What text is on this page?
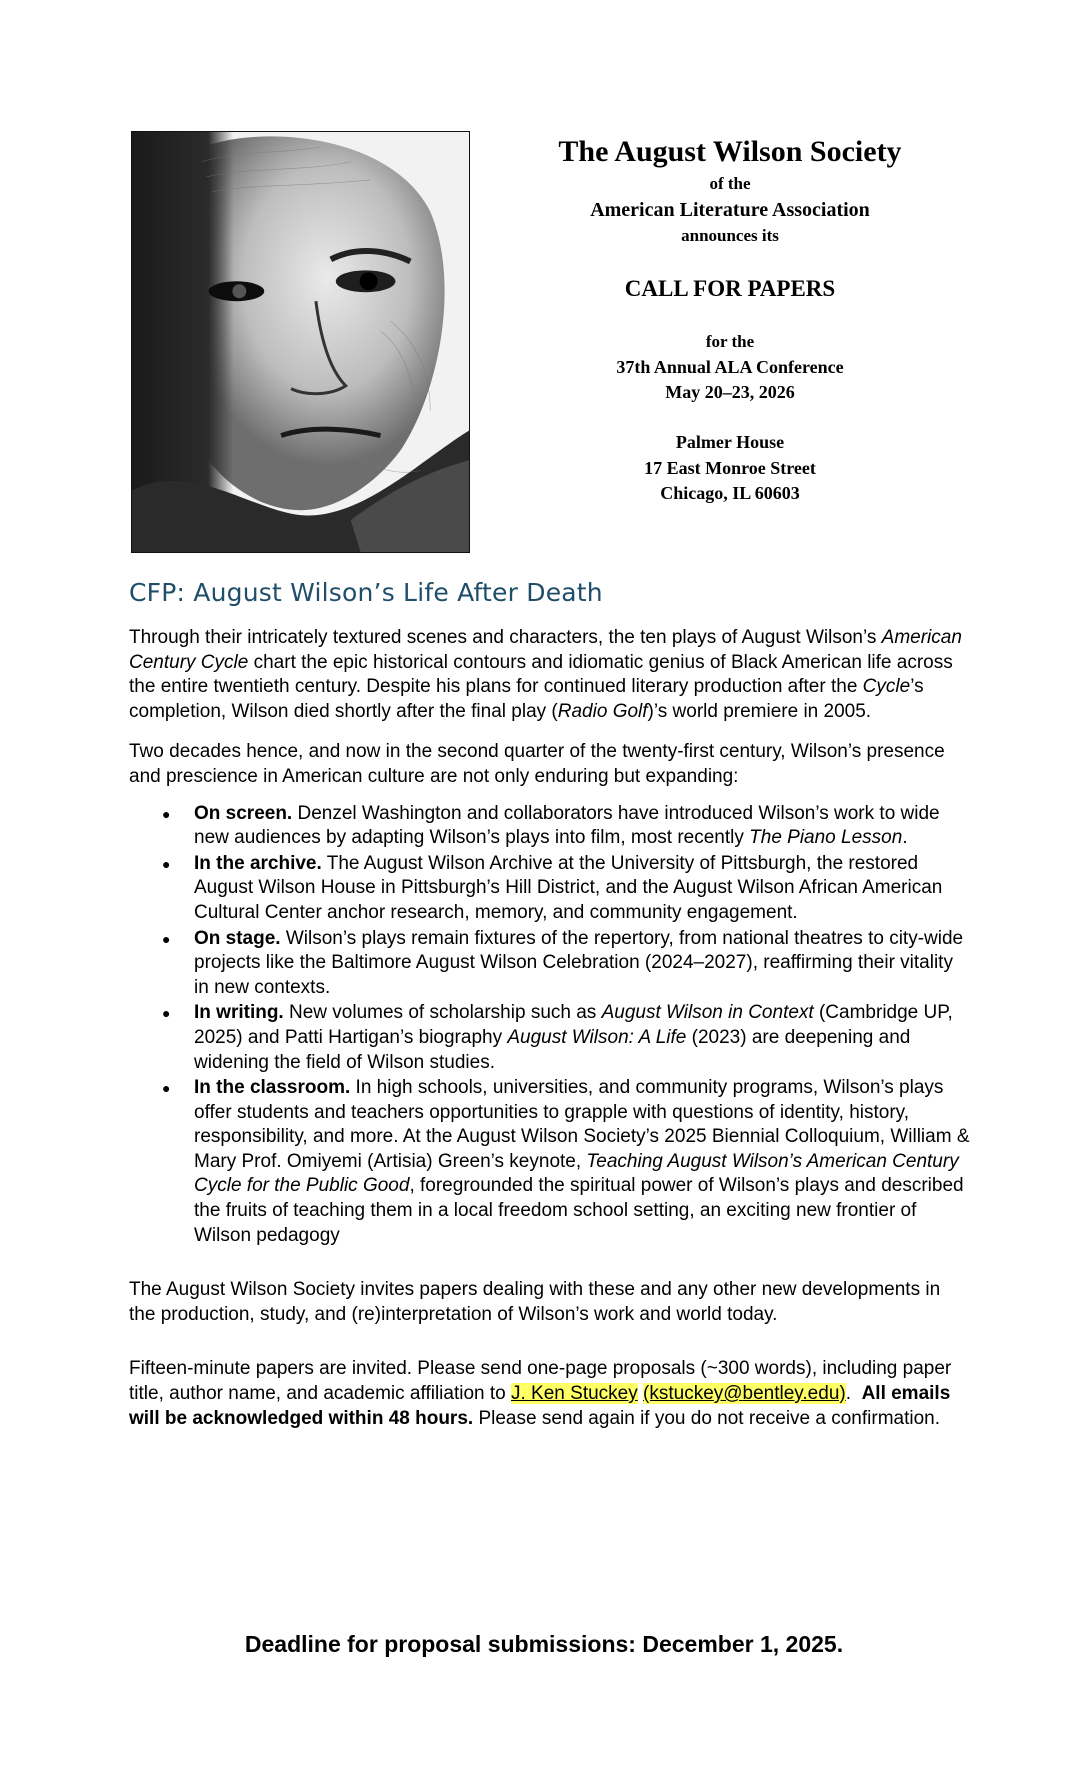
The August Wilson Society
of the
American Literature Association
announces its
CALL FOR PAPERS
for the
37th Annual ALA Conference
May 20–23, 2026
Palmer House
17 East Monroe Street
Chicago, IL 60603
CFP: August Wilson’s Life After Death

Through their intricately textured scenes and characters, the ten plays of August Wilson’s American Century Cycle chart the epic historical contours and idiomatic genius of Black American life across the entire twentieth century. Despite his plans for continued literary production after the Cycle’s completion, Wilson died shortly after the final play (Radio Golf)’s world premiere in 2005.

Two decades hence, and now in the second quarter of the twenty-first century, Wilson’s presence and prescience in American culture are not only enduring but expanding:

● On screen. Denzel Washington and collaborators have introduced Wilson’s work to wide new audiences by adapting Wilson’s plays into film, most recently The Piano Lesson.
● In the archive. The August Wilson Archive at the University of Pittsburgh, the restored August Wilson House in Pittsburgh’s Hill District, and the August Wilson African American Cultural Center anchor research, memory, and community engagement.
● On stage. Wilson’s plays remain fixtures of the repertory, from national theatres to city-wide projects like the Baltimore August Wilson Celebration (2024–2027), reaffirming their vitality in new contexts.
● In writing. New volumes of scholarship such as August Wilson in Context (Cambridge UP, 2025) and Patti Hartigan’s biography August Wilson: A Life (2023) are deepening and widening the field of Wilson studies.
● In the classroom. In high schools, universities, and community programs, Wilson’s plays offer students and teachers opportunities to grapple with questions of identity, history, responsibility, and more. At the August Wilson Society’s 2025 Biennial Colloquium, William & Mary Prof. Omiyemi (Artisia) Green’s keynote, Teaching August Wilson’s American Century Cycle for the Public Good, foregrounded the spiritual power of Wilson’s plays and described the fruits of teaching them in a local freedom school setting, an exciting new frontier of Wilson pedagogy

The August Wilson Society invites papers dealing with these and any other new developments in the production, study, and (re)interpretation of Wilson’s work and world today.

Fifteen-minute papers are invited. Please send one-page proposals (~300 words), including paper title, author name, and academic affiliation to J. Ken Stuckey (kstuckey@bentley.edu). All emails will be acknowledged within 48 hours. Please send again if you do not receive a confirmation.

Deadline for proposal submissions: December 1, 2025.
